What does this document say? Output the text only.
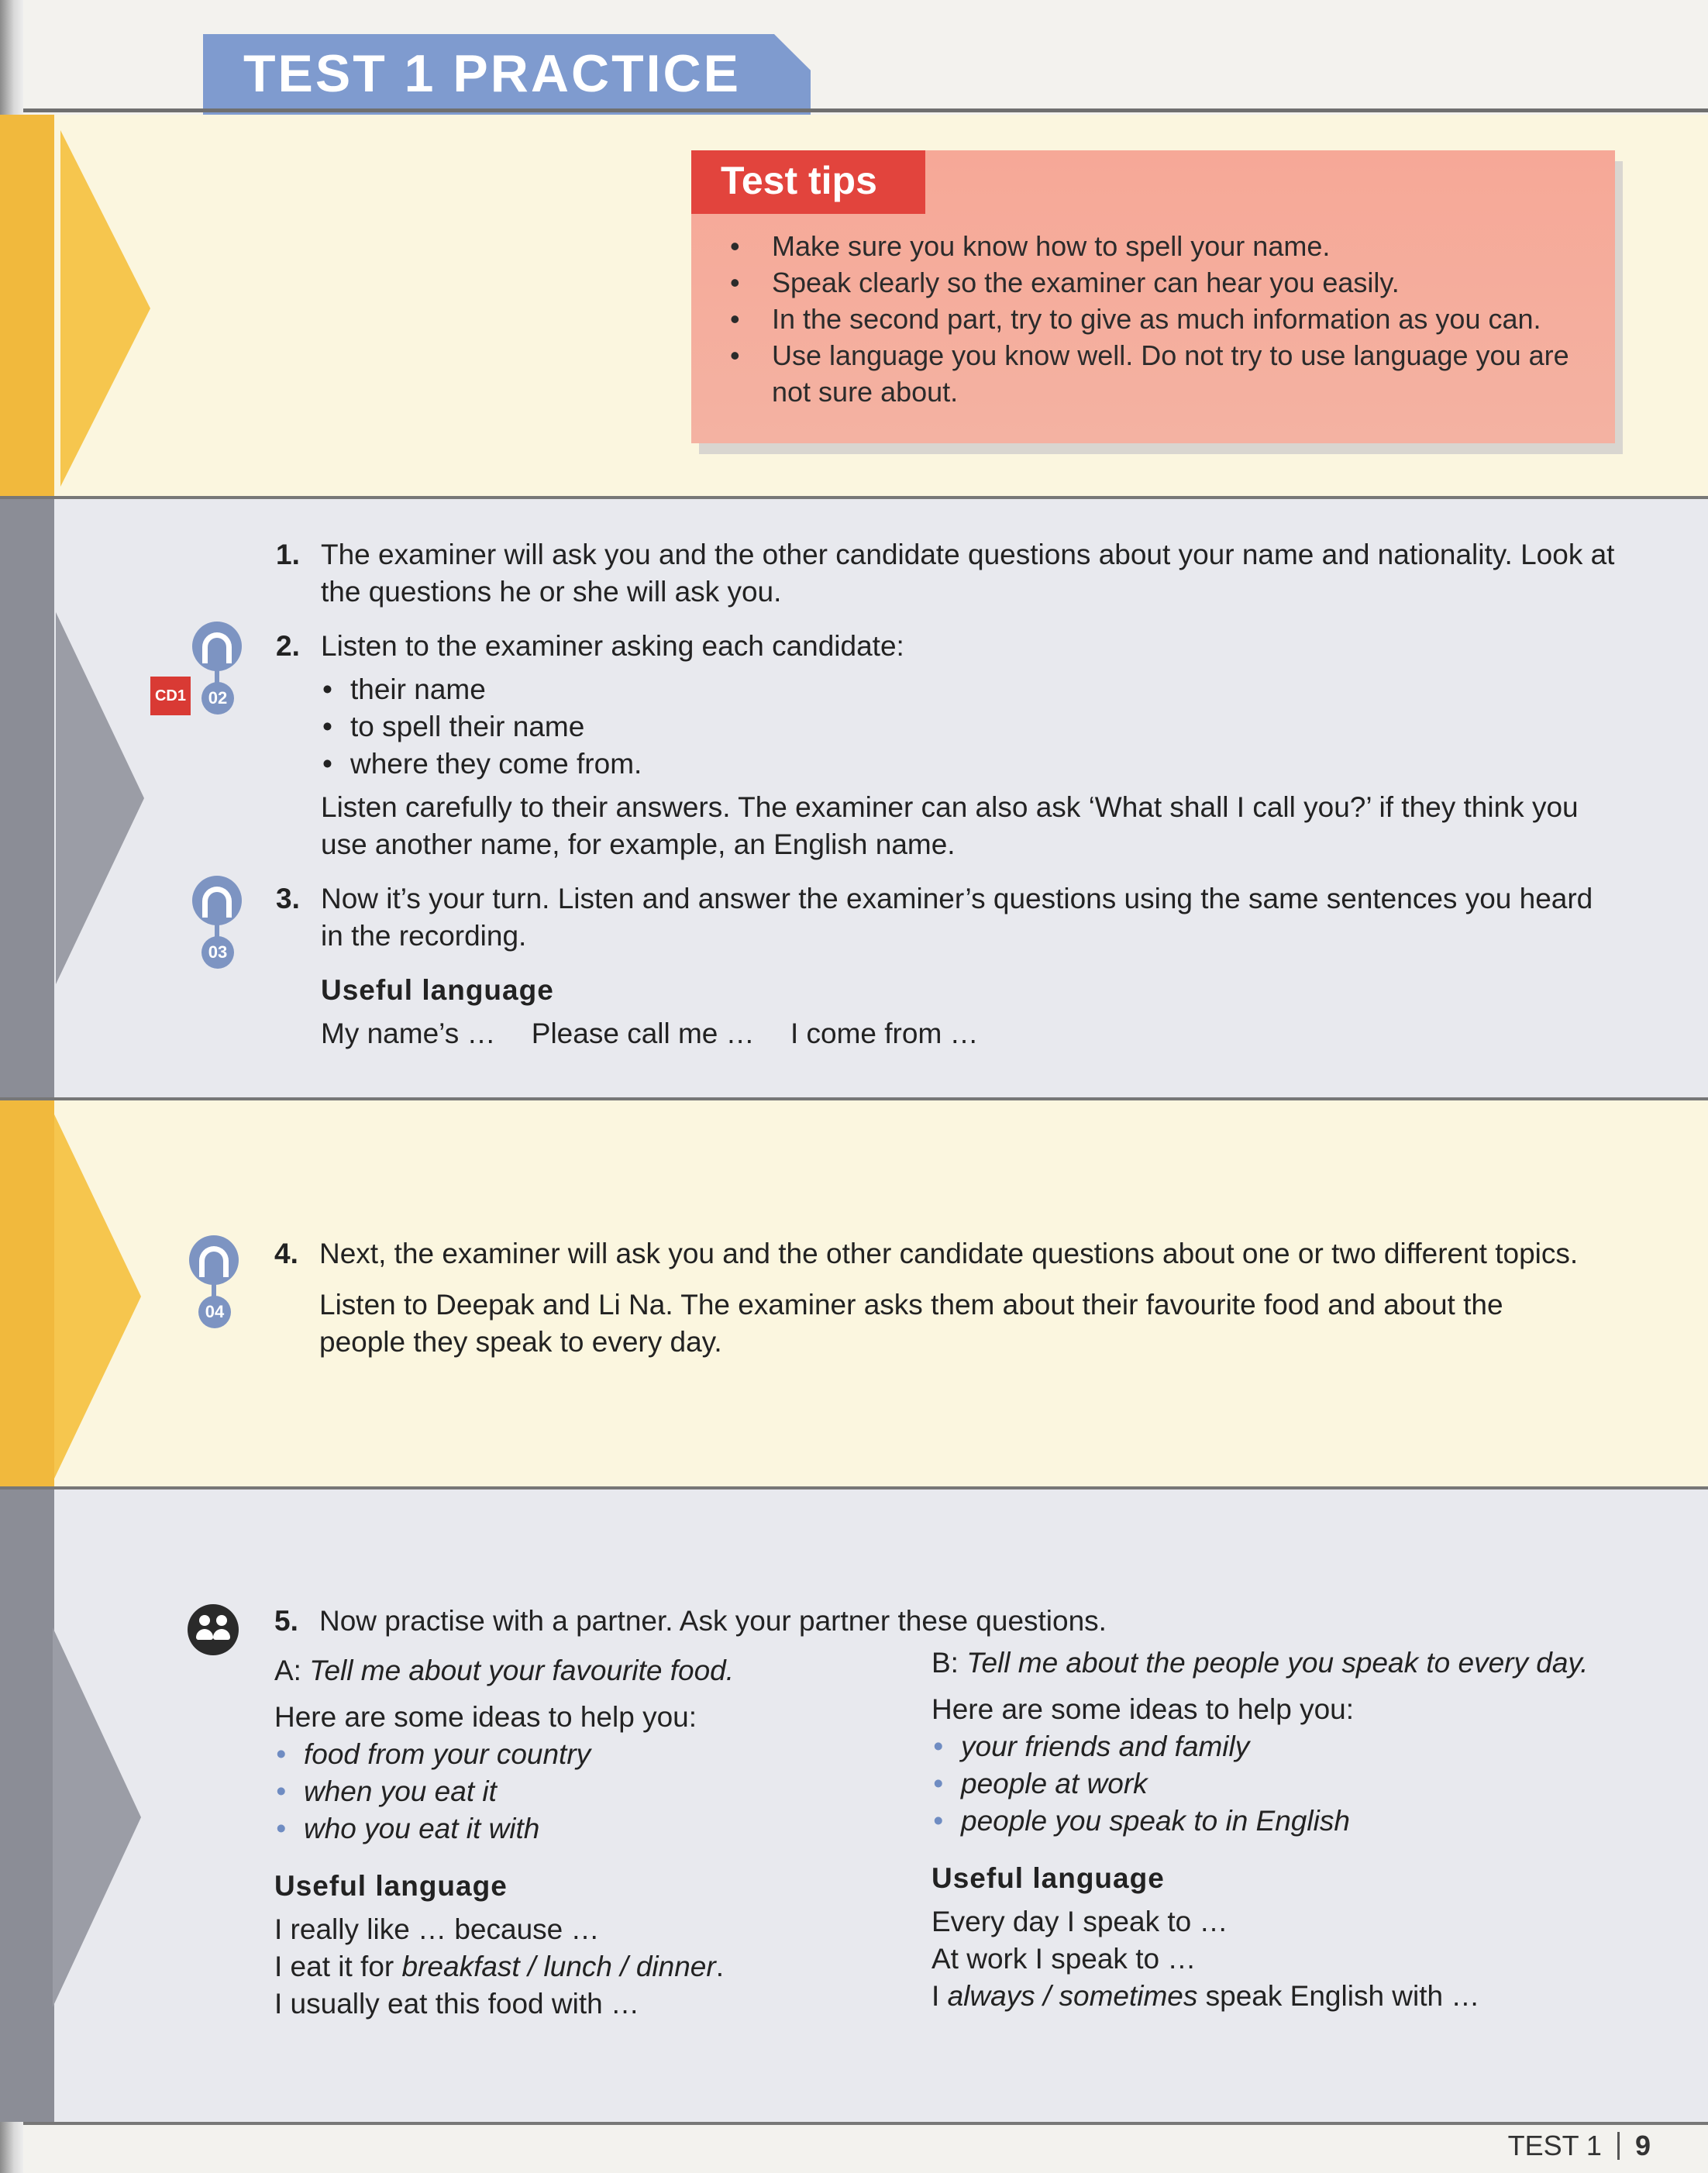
TEST 1 PRACTICE
Test tips
• Make sure you know how to spell your name.
• Speak clearly so the examiner can hear you easily.
• In the second part, try to give as much information as you can.
• Use language you know well. Do not try to use language you are not sure about.
1. The examiner will ask you and the other candidate questions about your name and nationality. Look at the questions he or she will ask you.
02
CD1
2. Listen to the examiner asking each candidate:
• their name
• to spell their name
• where they come from.
Listen carefully to their answers. The examiner can also ask ‘What shall I call you?’ if they think you use another name, for example, an English name.
03
3. Now it’s your turn. Listen and answer the examiner’s questions using the same sentences you heard in the recording.
Useful language
My name’s … Please call me … I come from …
04
4. Next, the examiner will ask you and the other candidate questions about one or two different topics.
Listen to Deepak and Li Na. The examiner asks them about their favourite food and about the people they speak to every day.
5. Now practise with a partner. Ask your partner these questions.
A: Tell me about your favourite food.
Here are some ideas to help you:
• food from your country
• when you eat it
• who you eat it with
Useful language
I really like … because …
I eat it for breakfast / lunch / dinner.
I usually eat this food with …
B: Tell me about the people you speak to every day.
Here are some ideas to help you:
• your friends and family
• people at work
• people you speak to in English
Useful language
Every day I speak to …
At work I speak to …
I always / sometimes speak English with …
TEST 1 9
